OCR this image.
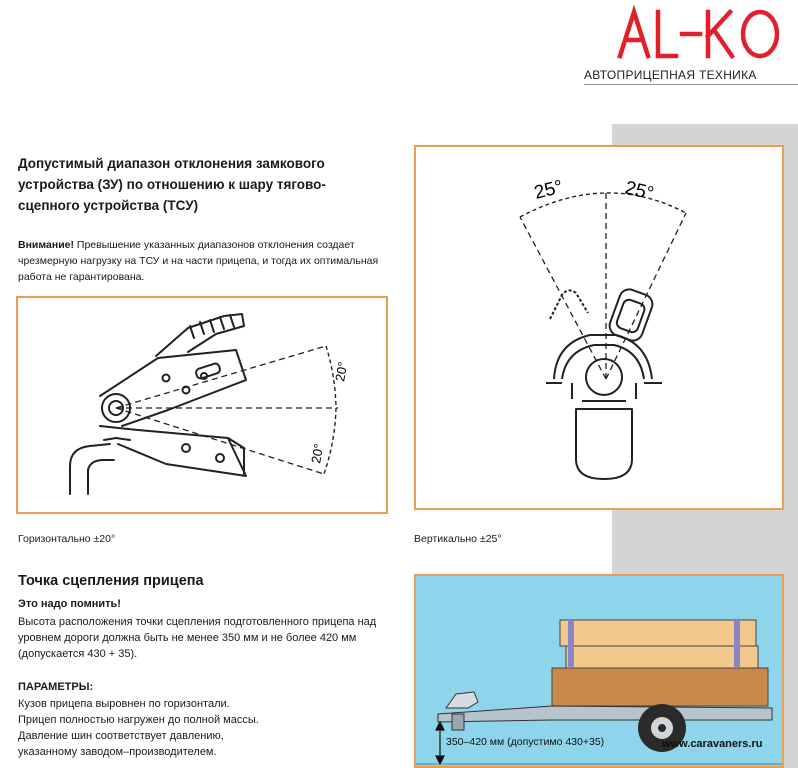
АВТОПРИЦЕПНАЯ ТЕХНИКА
Допустимый диапазон отклонения замкового устройства (ЗУ) по отношению к шару тягово-сцепного устройства (ТСУ)
Внимание! Превышение указанных диапазонов отклонения создает чрезмерную нагрузку на ТСУ и на части прицепа, и тогда их оптимальная работа не гарантирована.
20°
20°
25°	25°
Горизонтально ±20°	Вертикально ±25°
Точка сцепления прицепа
Это надо помнить!
Высота расположения точки сцепления подготовленного прицепа над уровнем дороги должна быть не менее 350 мм и не более 420 мм (допускается 430 + 35).
ПАРАМЕТРЫ:
Кузов прицепа выровнен по горизонтали.
Прицеп полностью нагружен до полной массы.
Давление шин соответствует давлению,
указанному заводом–производителем.
350–420 мм (допустимо 430+35)	www.caravaners.ru
